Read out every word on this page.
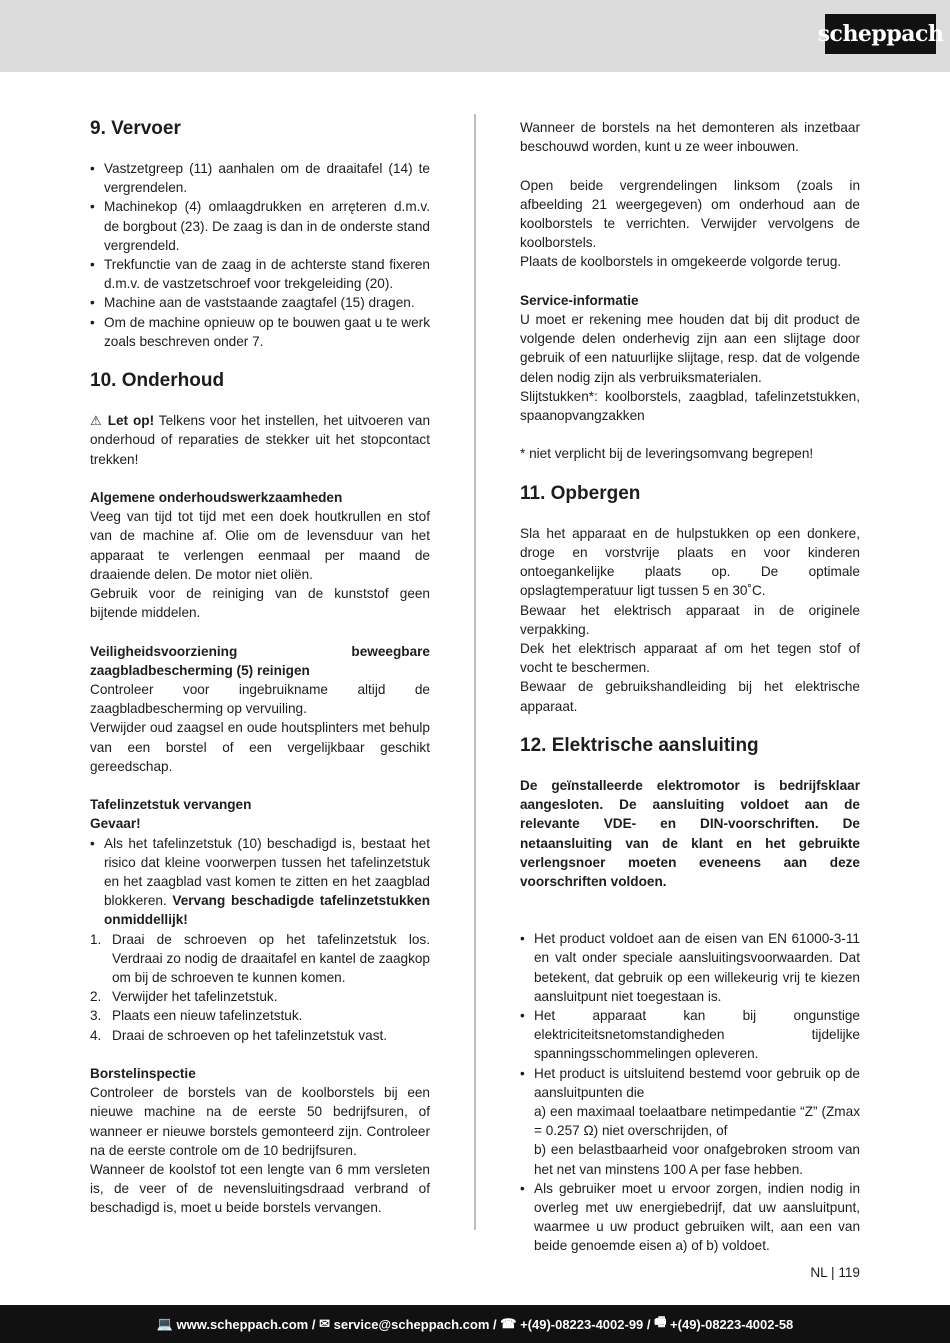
scheppach
9. Vervoer
• Vastzetgreep (11) aanhalen om de draaitafel (14) te vergrendelen.
• Machinekop (4) omlaagdrukken en arręteren d.m.v. de borgbout (23). De zaag is dan in de onderste stand vergrendeld.
• Trekfunctie van de zaag in de achterste stand fixeren d.m.v. de vastzetschroef voor trekgeleiding (20).
• Machine aan de vaststaande zaagtafel (15) dragen.
• Om de machine opnieuw op te bouwen gaat u te werk zoals beschreven onder 7.
10. Onderhoud

⚠ Let op! Telkens voor het instellen, het uitvoeren van onderhoud of reparaties de stekker uit het stopcontact trekken!

Algemene onderhoudswerkzaamheden

Veeg van tijd tot tijd met een doek houtkrullen en stof van de machine af. Olie om de levensduur van het apparaat te verlengen eenmaal per maand de draaiende delen. De motor niet oliën.

Gebruik voor de reiniging van de kunststof geen bijtende middelen.

Veiligheidsvoorziening beweegbare zaagbladbescherming (5) reinigen

Controleer voor ingebruikname altijd de zaagbladbescherming op vervuiling.

Verwijder oud zaagsel en oude houtsplinters met behulp van een borstel of een vergelijkbaar geschikt gereedschap.

Tafelinzetstuk vervangen

Gevaar!

• Als het tafelinzetstuk (10) beschadigd is, bestaat het risico dat kleine voorwerpen tussen het tafelinzetstuk en het zaagblad vast komen te zitten en het zaagblad blokkeren. Vervang beschadigde tafelinzetstukken onmiddellijk!
1. Draai de schroeven op het tafelinzetstuk los. Verdraai zo nodig de draaitafel en kantel de zaagkop om bij de schroeven te kunnen komen.
2. Verwijder het tafelinzetstuk.
3. Plaats een nieuw tafelinzetstuk.
4. Draai de schroeven op het tafelinzetstuk vast.

Borstelinspectie

Controleer de borstels van de koolborstels bij een nieuwe machine na de eerste 50 bedrijfsuren, of wanneer er nieuwe borstels gemonteerd zijn. Controleer na de eerste controle om de 10 bedrijfsuren.

Wanneer de koolstof tot een lengte van 6 mm versleten is, de veer of de nevensluitingsdraad verbrand of beschadigd is, moet u beide borstels vervangen.

Wanneer de borstels na het demonteren als inzetbaar beschouwd worden, kunt u ze weer inbouwen.

Open beide vergrendelingen linksom (zoals in afbeelding 21 weergegeven) om onderhoud aan de koolborstels te verrichten. Verwijder vervolgens de koolborstels.

Plaats de koolborstels in omgekeerde volgorde terug.

Service-informatie

U moet er rekening mee houden dat bij dit product de volgende delen onderhevig zijn aan een slijtage door gebruik of een natuurlijke slijtage, resp. dat de volgende delen nodig zijn als verbruiksmaterialen.

Slijtstukken*: koolborstels, zaagblad, tafelinzetstukken, spaanopvangzakken

* niet verplicht bij de leveringsomvang begrepen!

11. Opbergen

Sla het apparaat en de hulpstukken op een donkere, droge en vorstvrije plaats en voor kinderen ontoegankelijke plaats op. De optimale opslagtemperatuur ligt tussen 5 en 30˚C.

Bewaar het elektrisch apparaat in de originele verpakking.

Dek het elektrisch apparaat af om het tegen stof of vocht te beschermen.

Bewaar de gebruikshandleiding bij het elektrische apparaat.

12. Elektrische aansluiting

De geïnstalleerde elektromotor is bedrijfsklaar aangesloten. De aansluiting voldoet aan de relevante VDE- en DIN-voorschriften. De netaansluiting van de klant en het gebruikte verlengsnoer moeten eveneens aan deze voorschriften voldoen.

• Het product voldoet aan de eisen van EN 61000-3-11 en valt onder speciale aansluitingsvoorwaarden. Dat betekent, dat gebruik op een willekeurig vrij te kiezen aansluitpunt niet toegestaan is.
• Het apparaat kan bij ongunstige elektriciteitsnetomstandigheden tijdelijke spanningsschommelingen opleveren.
• Het product is uitsluitend bestemd voor gebruik op de aansluitpunten die
a) een maximaal toelaatbare netimpedantie “Z” (Zmax = 0.257 Ω) niet overschrijden, of
b) een belastbaarheid voor onafgebroken stroom van het net van minstens 100 A per fase hebben.
• Als gebruiker moet u ervoor zorgen, indien nodig in overleg met uw energiebedrijf, dat uw aansluitpunt, waarmee u uw product gebruiken wilt, aan een van beide genoemde eisen a) of b) voldoet.
NL | 119
💻
www.scheppach.com / ✉
service@scheppach.com / ☎
+(49)-08223-4002-99 / 🖷
+(49)-08223-4002-58
